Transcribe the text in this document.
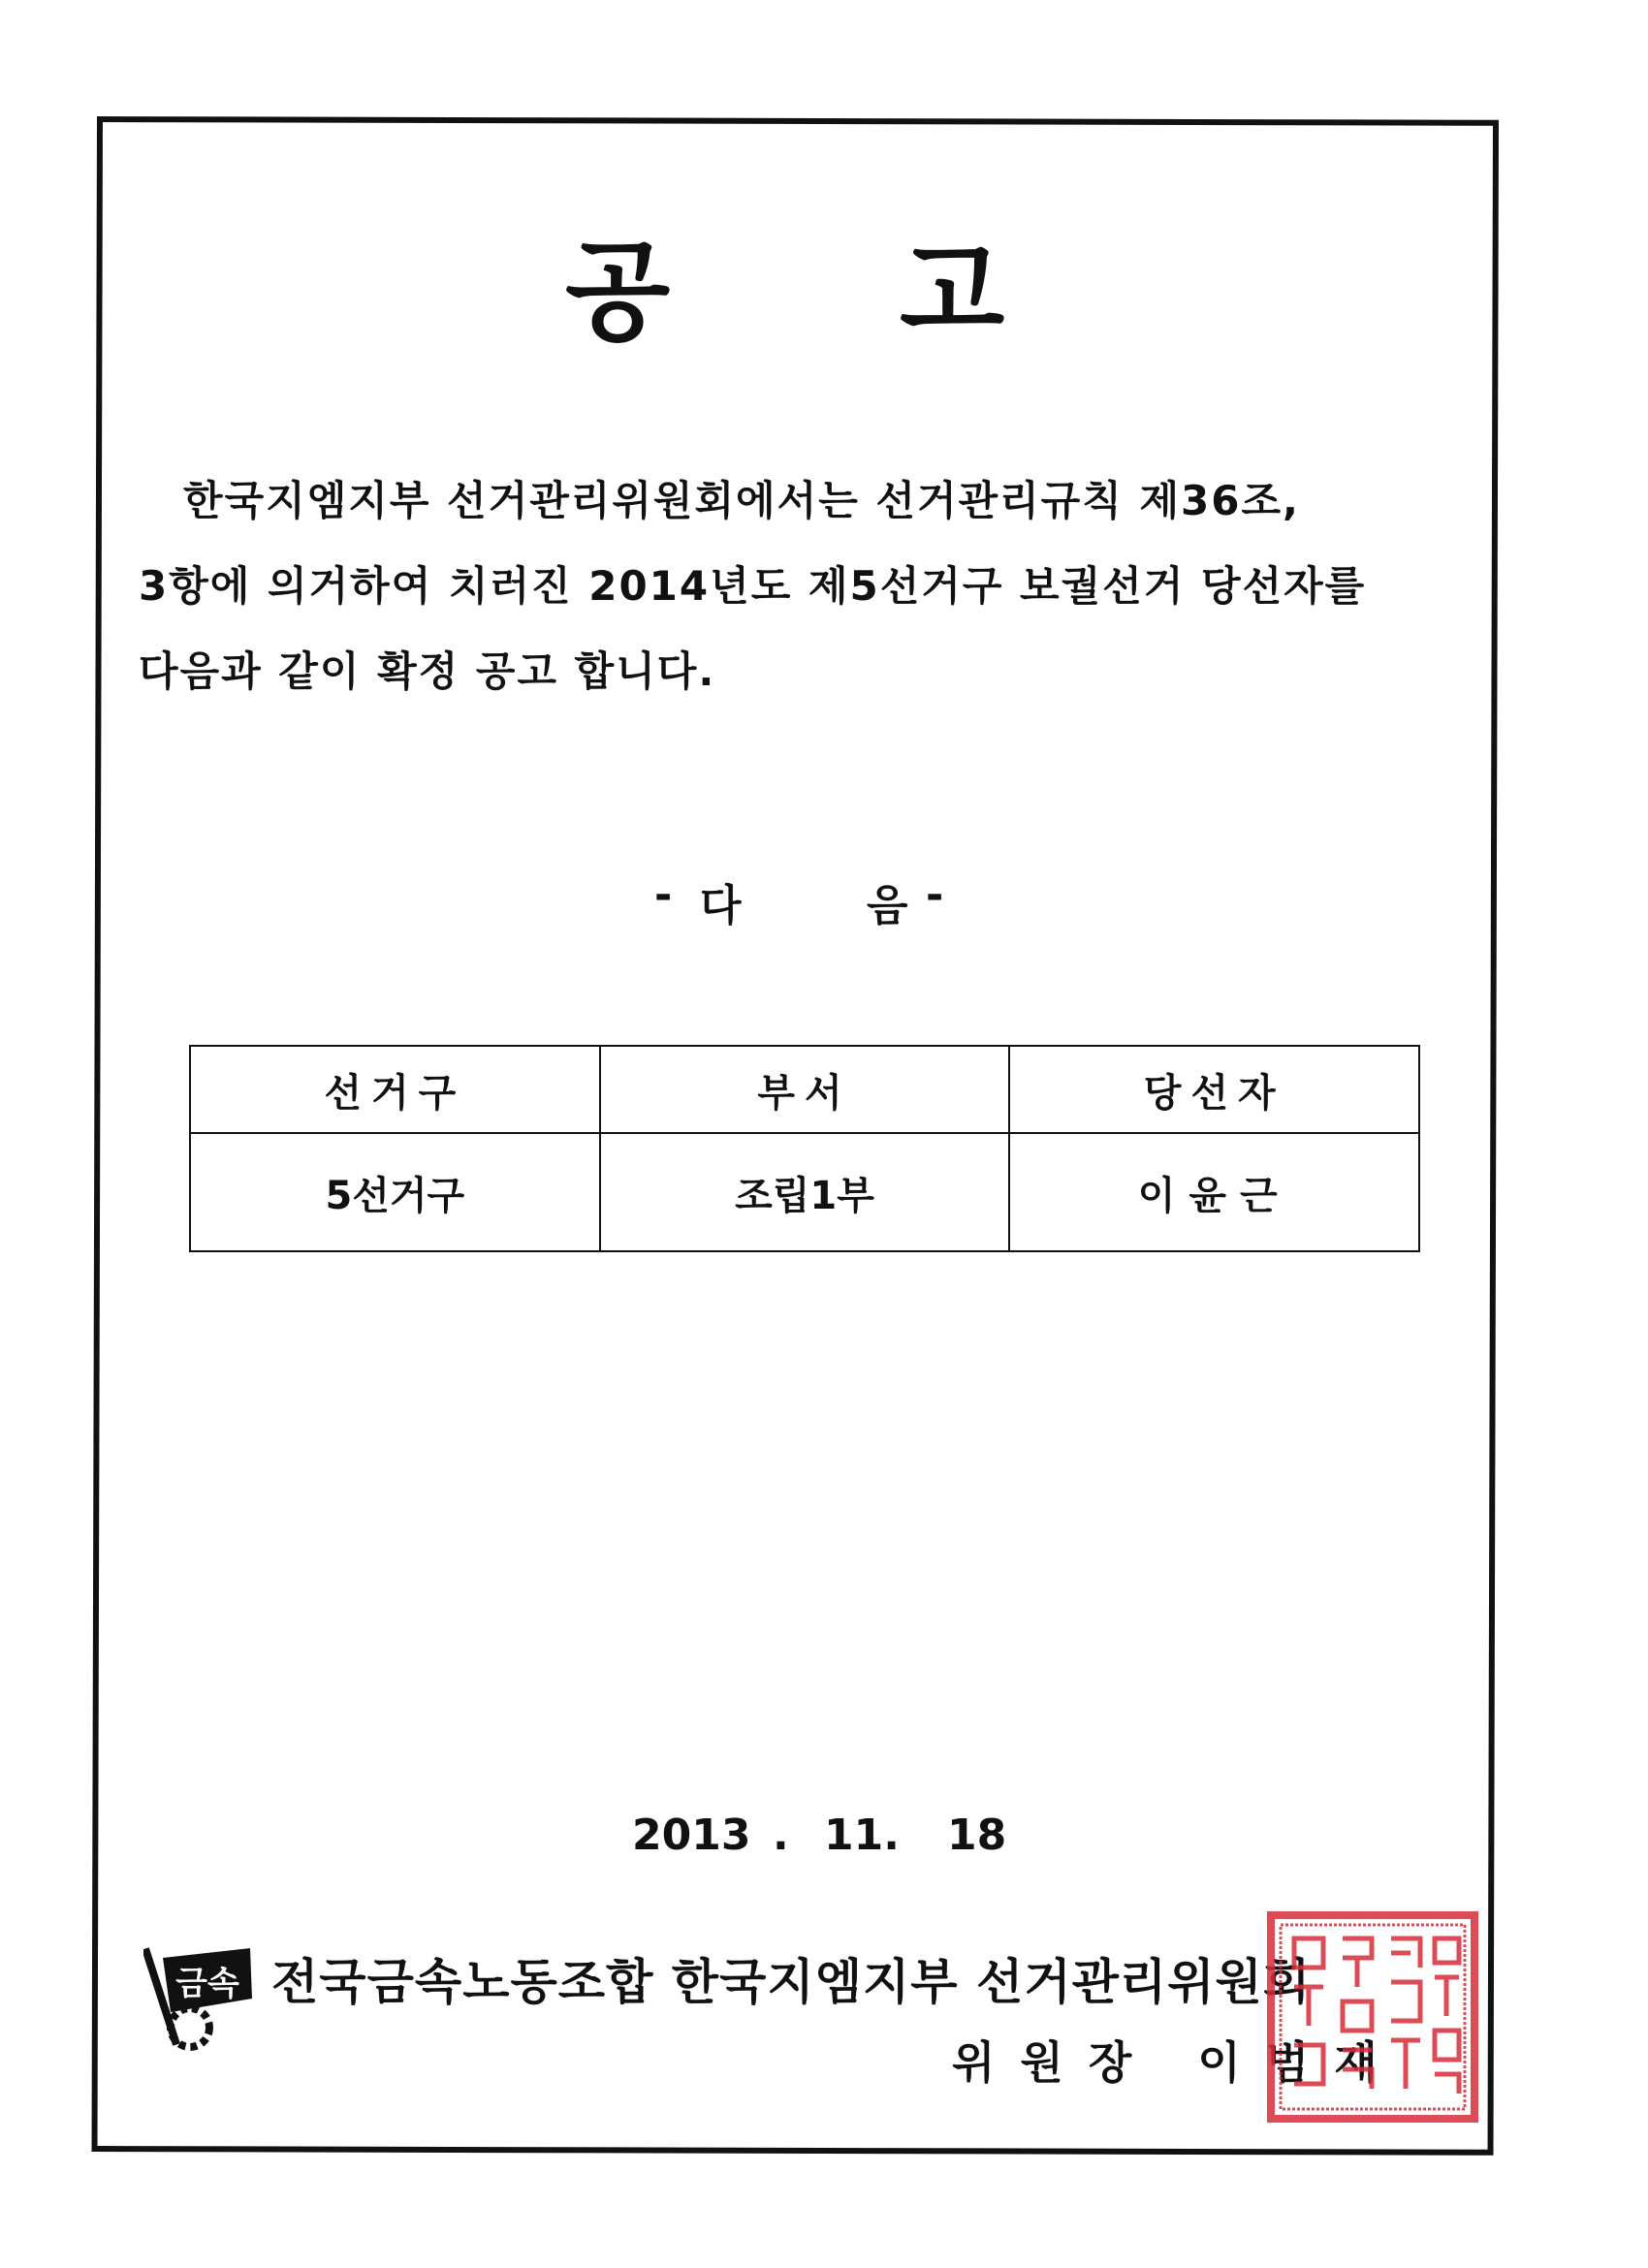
공 고
한국지엠지부 선거관리위원회에서는 선거관리규칙 제36조,
3항에 의거하여 치러진 2014년도 제5선거구 보궐선거 당선자를
다음과 같이 확정 공고 합니다.
- 다	음 -
선거구	부서	당선자
5선거구	조립1부	이윤근
2013 . 11. 18
금속 전국금속노동조합 한국지엠지부 선거관리위원회
위원장 이범재
